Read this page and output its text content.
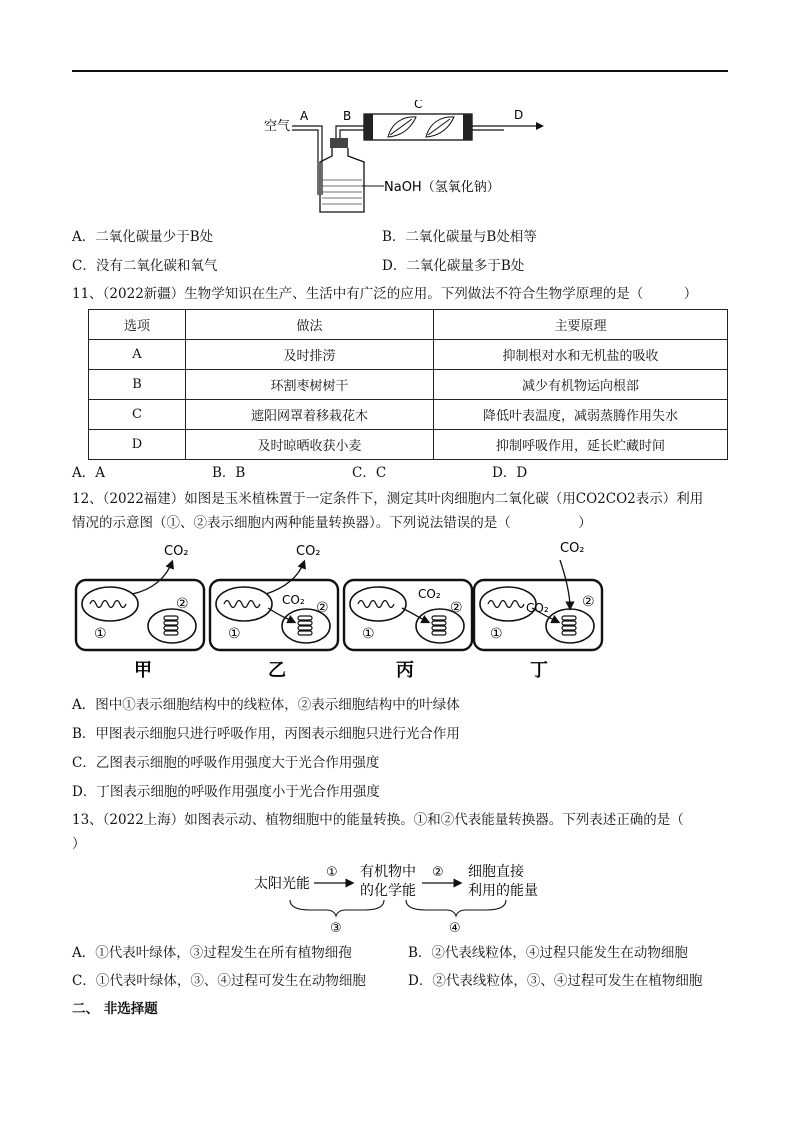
空气
A	B
C
D
NaOH（氢氧化钠）
A．二氧化碳量少于B处	B．二氧化碳量与B处相等
C．没有二氧化碳和氧气	D．二氧化碳量多于B处
11、（2022新疆）生物学知识在生产、生活中有广泛的应用。下列做法不符合生物学原理的是（　　　）
选项	做法	主要原理
A	及时排涝	抑制根对水和无机盐的吸收
B	环割枣树树干	减少有机物运向根部
C	遮阳网罩着移栽花木	降低叶表温度，减弱蒸腾作用失水
D	及时晾晒收获小麦	抑制呼吸作用，延长贮藏时间
A．A	B．B	C．C	D．D
12、（2022福建）如图是玉米植株置于一定条件下，测定其叶肉细胞内二氧化碳（用CO2CO2表示）利用
情况的示意图（①、②表示细胞内两种能量转换器）。下列说法错误的是（　　　　　）
①
②
CO₂
①
②
CO₂
CO₂
①
②
CO₂
①
②
CO₂
CO₂
甲	乙	丙	丁
A．图中①表示细胞结构中的线粒体，②表示细胞结构中的叶绿体
B．甲图表示细胞只进行呼吸作用，丙图表示细胞只进行光合作用
C．乙图表示细胞的呼吸作用强度大于光合作用强度
D．丁图表示细胞的呼吸作用强度小于光合作用强度
13、（2022上海）如图表示动、植物细胞中的能量转换。①和②代表能量转换器。下列表述正确的是（
）
太阳光能
① 有机物中
的化学能
② 细胞直接
利用的能量
③	④
A．①代表叶绿体，③过程发生在所有植物细孢	B．②代表线粒体，④过程只能发生在动物细胞
C．①代表叶绿体，③、④过程可发生在动物细胞	D．②代表线粒体，③、④过程可发生在植物细胞
二、 非选择题
